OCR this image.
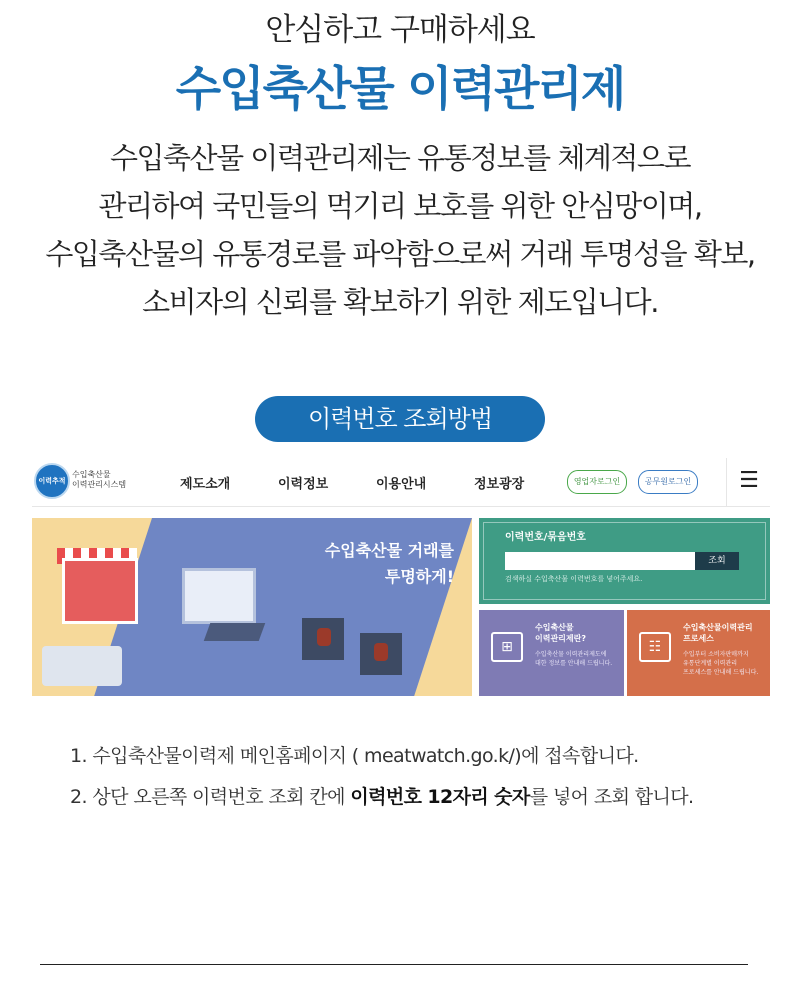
안심하고 구매하세요
수입축산물 이력관리제
수입축산물 이력관리제는 유통정보를 체계적으로
관리하여 국민들의 먹기리 보호를 위한 안심망이며,
수입축산물의 유통경로를 파악함으로써 거래 투명성을 확보,
소비자의 신뢰를 확보하기 위한 제도입니다.
이력번호 조회방법
이력추적
수입축산물
이력관리시스템	제도소개	이력정보	이용안내	정보광장	영업자로그인	공무원로그인	☰
수입축산물 거래를
투명하게!
이력번호/묶음번호
조회
검색하실 수입축산물 이력번호를 넣어주세요.
⊞
수입축산물
이력관리제란?
수입축산물 이력관리제도에
대한 정보를 안내해 드립니다.
☷
수입축산물이력관리
프로세스
수입부터 소비자판매까지
유통단계별 이력관리
프로세스를 안내해 드립니다.
1. 수입축산물이력제 메인홈페이지 ( meatwatch.go.k/)에 접속합니다.
2. 상단 오른쪽 이력번호 조회 칸에 이력번호 12자리 숫자를 넣어 조회 합니다.
